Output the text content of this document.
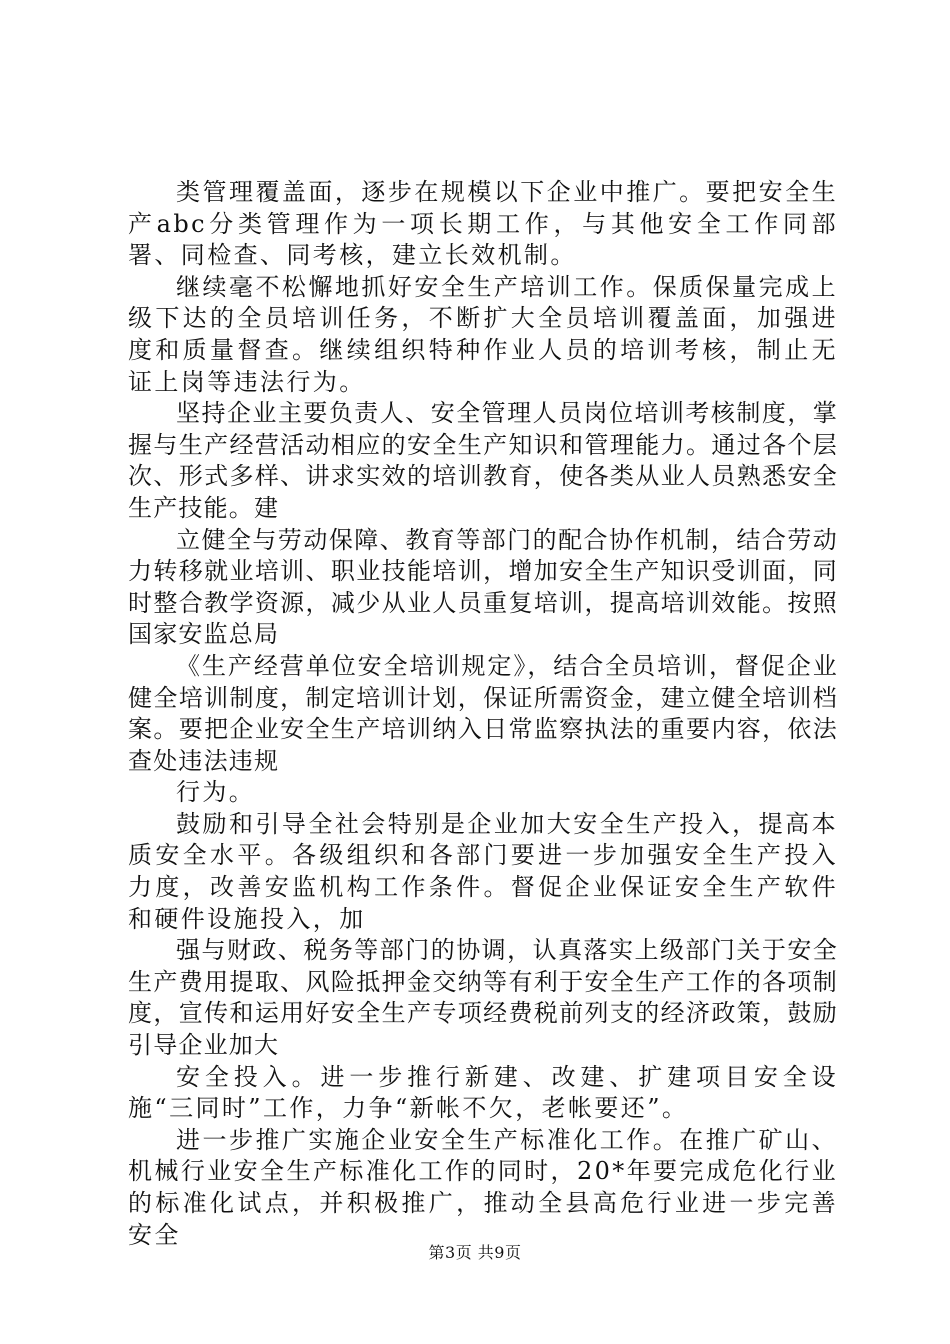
类管理覆盖面，逐步在规模以下企业中推广。要把安全生产abc分类管理作为一项长期工作，与其他安全工作同部署、同检查、同考核，建立长效机制。

继续毫不松懈地抓好安全生产培训工作。保质保量完成上级下达的全员培训任务，不断扩大全员培训覆盖面，加强进度和质量督查。继续组织特种作业人员的培训考核，制止无证上岗等违法行为。

坚持企业主要负责人、安全管理人员岗位培训考核制度，掌握与生产经营活动相应的安全生产知识和管理能力。通过各个层次、形式多样、讲求实效的培训教育，使各类从业人员熟悉安全生产技能。建

立健全与劳动保障、教育等部门的配合协作机制，结合劳动力转移就业培训、职业技能培训，增加安全生产知识受训面，同时整合教学资源，减少从业人员重复培训，提高培训效能。按照国家安监总局

《生产经营单位安全培训规定》，结合全员培训，督促企业健全培训制度，制定培训计划，保证所需资金，建立健全培训档案。要把企业安全生产培训纳入日常监察执法的重要内容，依法查处违法违规

行为。

鼓励和引导全社会特别是企业加大安全生产投入，提高本质安全水平。各级组织和各部门要进一步加强安全生产投入力度，改善安监机构工作条件。督促企业保证安全生产软件和硬件设施投入，加

强与财政、税务等部门的协调，认真落实上级部门关于安全生产费用提取、风险抵押金交纳等有利于安全生产工作的各项制度，宣传和运用好安全生产专项经费税前列支的经济政策，鼓励引导企业加大

安全投入。进一步推行新建、改建、扩建项目安全设施“三同时”工作，力争“新帐不欠，老帐要还”。

进一步推广实施企业安全生产标准化工作。在推广矿山、机械行业安全生产标准化工作的同时，20*年要完成危化行业的标准化试点，并积极推广，推动全县高危行业进一步完善安全

第3页 共9页
